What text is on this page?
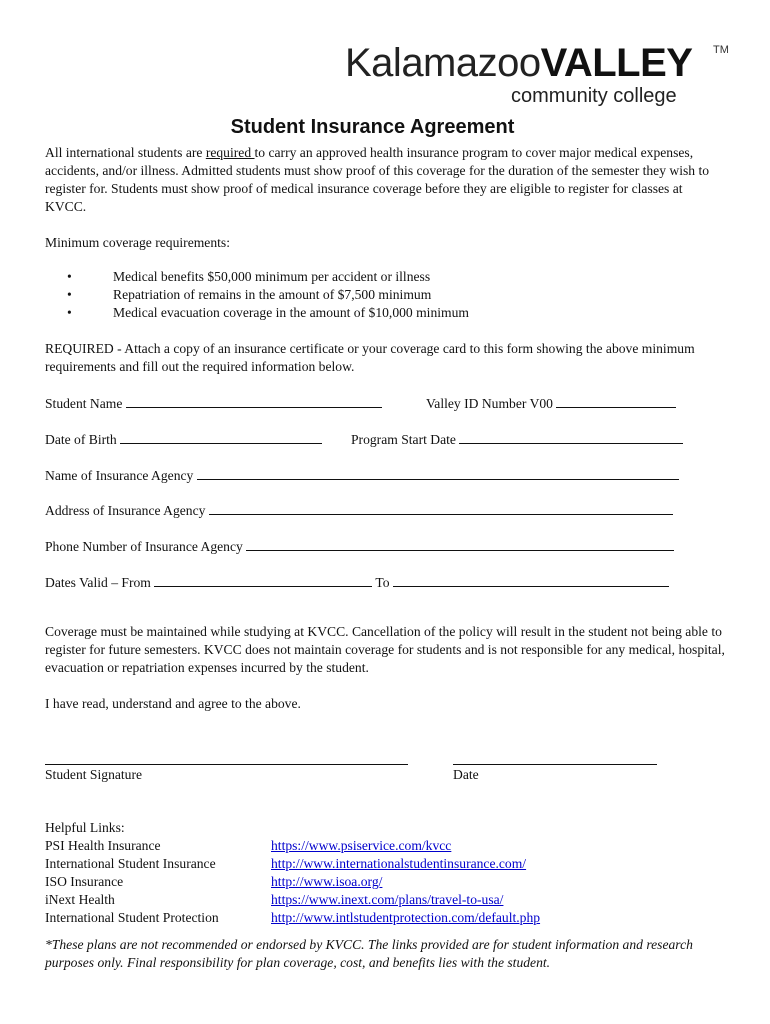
KalamazooVALLEY TM
community college
Student Insurance Agreement

All international students are required to carry an approved health insurance program to cover major medical expenses, accidents, and/or illness. Admitted students must show proof of this coverage for the duration of the semester they wish to register for. Students must show proof of medical insurance coverage before they are eligible to register for classes at KVCC.

Minimum coverage requirements:

•	Medical benefits $50,000 minimum per accident or illness
•	Repatriation of remains in the amount of $7,500 minimum
•	Medical evacuation coverage in the amount of $10,000 minimum

REQUIRED - Attach a copy of an insurance certificate or your coverage card to this form showing the above minimum requirements and fill out the required information below.

Student Name	Valley ID Number V00
Date of Birth	Program Start Date
Name of Insurance Agency
Address of Insurance Agency
Phone Number of Insurance Agency
Dates Valid – From	To

Coverage must be maintained while studying at KVCC. Cancellation of the policy will result in the student not being able to register for future semesters. KVCC does not maintain coverage for students and is not responsible for any medical, hospital, evacuation or repatriation expenses incurred by the student.

I have read, understand and agree to the above.

Student Signature	Date
Helpful Links:
PSI Health Insurance	https://www.psiservice.com/kvcc
International Student Insurance	http://www.internationalstudentinsurance.com/
ISO Insurance	http://www.isoa.org/
iNext Health	https://www.inext.com/plans/travel-to-usa/
International Student Protection	http://www.intlstudentprotection.com/default.php

*These plans are not recommended or endorsed by KVCC. The links provided are for student information and research purposes only. Final responsibility for plan coverage, cost, and benefits lies with the student.
